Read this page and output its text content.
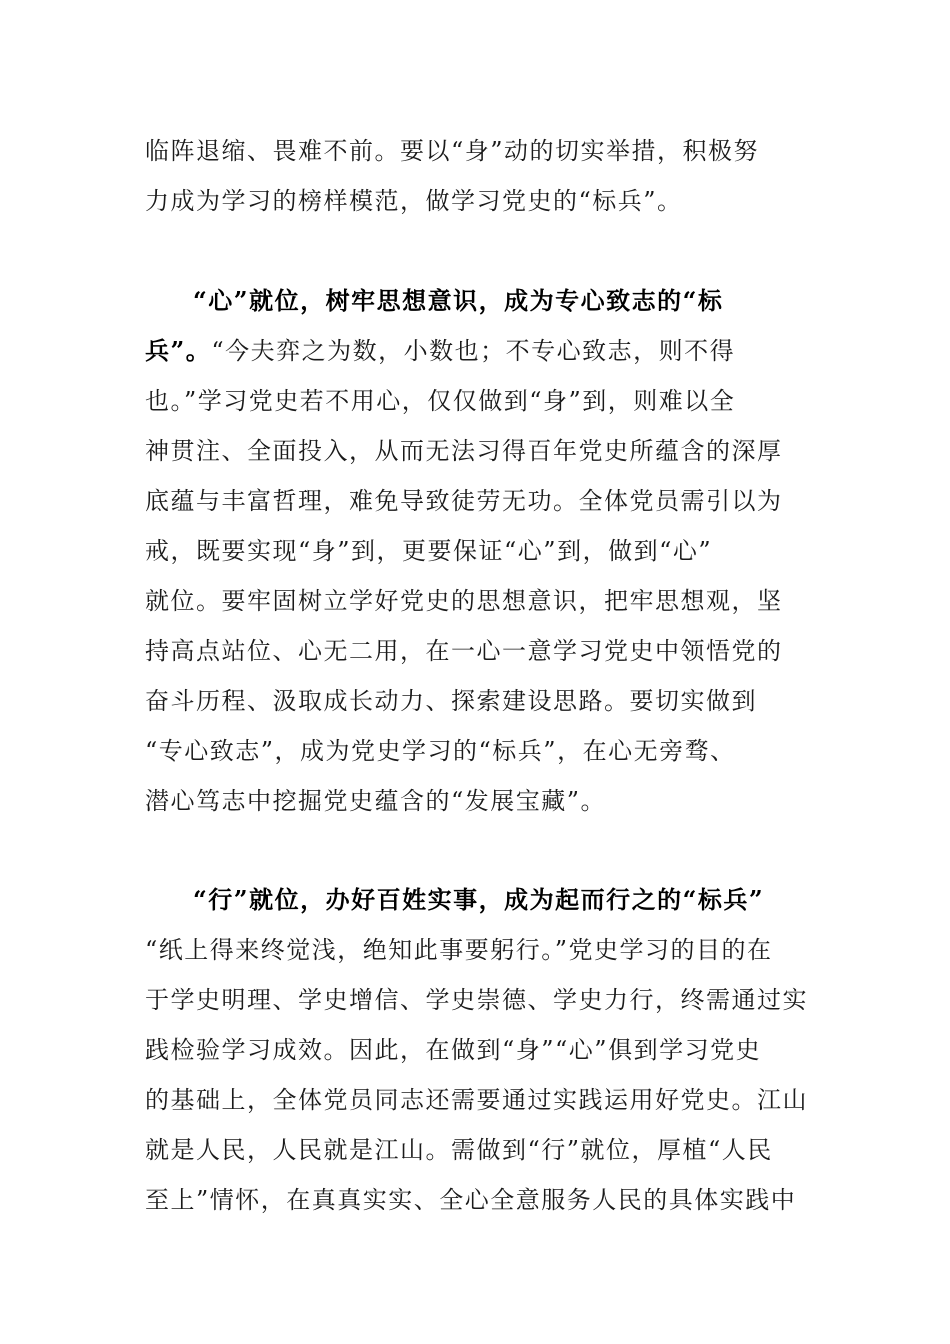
临阵退缩、畏难不前。要以“身”动的切实举措，积极努
力成为学习的榜样模范，做学习党史的“标兵”。
“心”就位，树牢思想意识，成为专心致志的“标
兵”。“今夫弈之为数，小数也；不专心致志，则不得
也。”学习党史若不用心，仅仅做到“身”到，则难以全
神贯注、全面投入，从而无法习得百年党史所蕴含的深厚
底蕴与丰富哲理，难免导致徒劳无功。全体党员需引以为
戒，既要实现“身”到，更要保证“心”到，做到“心”
就位。要牢固树立学好党史的思想意识，把牢思想观，坚
持高点站位、心无二用，在一心一意学习党史中领悟党的
奋斗历程、汲取成长动力、探索建设思路。要切实做到
“专心致志”，成为党史学习的“标兵”，在心无旁骛、
潜心笃志中挖掘党史蕴含的“发展宝藏”。
“行”就位，办好百姓实事，成为起而行之的“标兵”
“纸上得来终觉浅，绝知此事要躬行。”党史学习的目的在
于学史明理、学史增信、学史崇德、学史力行，终需通过实
践检验学习成效。因此，在做到“身”“心”俱到学习党史
的基础上，全体党员同志还需要通过实践运用好党史。江山
就是人民，人民就是江山。需做到“行”就位，厚植“人民
至上”情怀，在真真实实、全心全意服务人民的具体实践中
